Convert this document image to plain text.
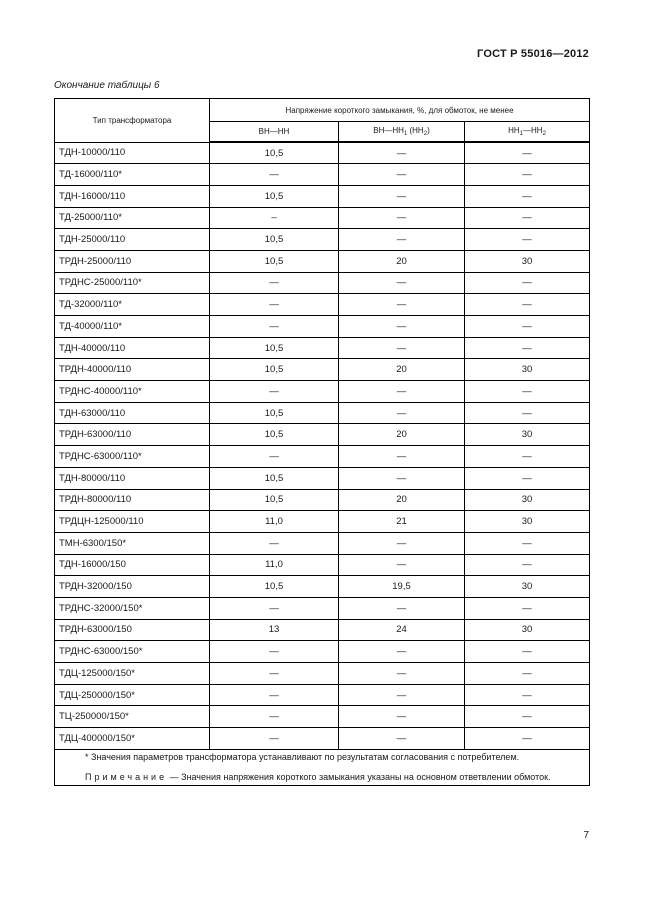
ГОСТ Р 55016—2012
Окончание таблицы 6
Тип трансформатора	Напряжение короткого замыкания, %, для обмоток, не менее		
	ВН—НН	$ВН—НН_1$ $(НН_2)$	$НН_1—НН_2$
ТДН-10000/110	10,5	—	—
ТД-16000/110*	—	—	—
ТДН-16000/110	10,5	—	—
ТД-25000/110*	–	—	—
ТДН-25000/110	10,5	—	—
ТРДН-25000/110	10,5	20	30
ТРДНС-25000/110*	—	—	—
ТД-32000/110*	—	—	—
ТД-40000/110*	—	—	—
ТДН-40000/110	10,5	—	—
ТРДН-40000/110	10,5	20	30
ТРДНС-40000/110*	—	—	—
ТДН-63000/110	10,5	—	—
ТРДН-63000/110	10,5	20	30
ТРДНС-63000/110*	—	—	—
ТДН-80000/110	10,5	—	—
ТРДН-80000/110	10,5	20	30
ТРДЦН-125000/110	11,0	21	30
ТМН-6300/150*	—	—	—
ТДН-16000/150	11,0	—	—
ТРДН-32000/150	10,5	19,5	30
ТРДНС-32000/150*	—	—	—
ТРДН-63000/150	13	24	30
ТРДНС-63000/150*	—	—	—
ТДЦ-125000/150*	—	—	—
ТДЦ-250000/150*	—	—	—
ТЦ-250000/150*	—	—	—
ТДЦ-400000/150*	—	—	—

* Значения параметров трансформатора устанавливают по результатам согласования с потребителем.

Примечание — Значения напряжения короткого замыкания указаны на основном ответвлении обмоток.			

7
